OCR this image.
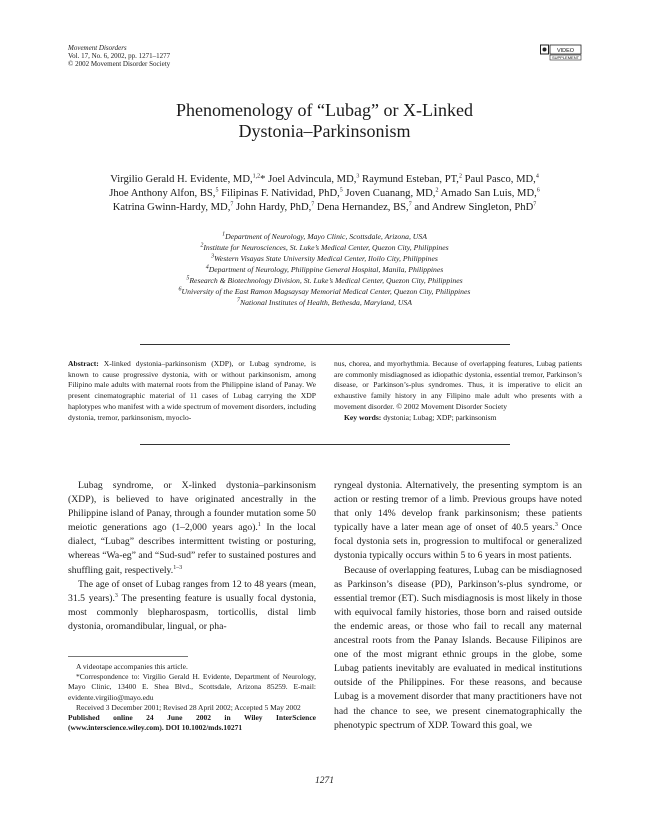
Movement Disorders
Vol. 17, No. 6, 2002, pp. 1271–1277
© 2002 Movement Disorder Society
VIDEO
SUPPLEMENT
Phenomenology of “Lubag” or X-Linked
Dystonia–Parkinsonism
Virgilio Gerald H. Evidente, MD,$^{1,2}$* Joel Advincula, MD,$^3$ Raymund Esteban, PT,$^2$ Paul Pasco, MD,$^4$
Jhoe Anthony Alfon, BS,$^5$ Filipinas F. Natividad, PhD,$^5$ Joven Cuanang, MD,$^2$ Amado San Luis, MD,$^6$
Katrina Gwinn-Hardy, MD,$^7$ John Hardy, PhD,$^7$ Dena Hernandez, BS,$^7$ and Andrew Singleton, PhD$^7$
$^1$Department of Neurology, Mayo Clinic, Scottsdale, Arizona, USA
$^2$Institute for Neurosciences, St. Luke’s Medical Center, Quezon City, Philippines
$^3$Western Visayas State University Medical Center, Iloilo City, Philippines
$^4$Department of Neurology, Philippine General Hospital, Manila, Philippines
$^5$Research & Biotechnology Division, St. Luke’s Medical Center, Quezon City, Philippines
$^6$University of the East Ramon Magsaysay Memorial Medical Center, Quezon City, Philippines
$^7$National Institutes of Health, Bethesda, Maryland, USA
Abstract: X-linked dystonia–parkinsonism (XDP), or Lubag syndrome, is known to cause progressive dystonia, with or without parkinsonism, among Filipino male adults with maternal roots from the Philippine island of Panay. We present cinematographic material of 11 cases of Lubag carrying the XDP haplotypes who manifest with a wide spectrum of movement disorders, including dystonia, tremor, parkinsonism, myoclo-
nus, chorea, and myorhythmia. Because of overlapping features, Lubag patients are commonly misdiagnosed as idiopathic dystonia, essential tremor, Parkinson’s disease, or Parkinson’s-plus syndromes. Thus, it is imperative to elicit an exhaustive family history in any Filipino male adult who presents with a movement disorder. © 2002 Movement Disorder Society
Key words: dystonia; Lubag; XDP; parkinsonism

Lubag syndrome, or X-linked dystonia–parkinsonism (XDP), is believed to have originated ancestrally in the Philippine island of Panay, through a founder mutation some 50 meiotic generations ago (1–2,000 years ago).$^1$ In the local dialect, “Lubag” describes intermittent twisting or posturing, whereas “Wa-eg” and “Sud-sud” refer to sustained postures and shuffling gait, respectively.$^{1-3}$

The age of onset of Lubag ranges from 12 to 48 years (mean, 31.5 years).$^3$ The presenting feature is usually focal dystonia, most commonly blepharospasm, torticollis, distal limb dystonia, oromandibular, lingual, or pha-

ryngeal dystonia. Alternatively, the presenting symptom is an action or resting tremor of a limb. Previous groups have noted that only 14% develop frank parkinsonism; these patients typically have a later mean age of onset of 40.5 years.$^3$ Once focal dystonia sets in, progression to multifocal or generalized dystonia typically occurs within 5 to 6 years in most patients.

Because of overlapping features, Lubag can be misdiagnosed as Parkinson’s disease (PD), Parkinson’s-plus syndrome, or essential tremor (ET). Such misdiagnosis is most likely in those with equivocal family histories, those born and raised outside the endemic areas, or those who fail to recall any maternal ancestral roots from the Panay Islands. Because Filipinos are one of the most migrant ethnic groups in the globe, some Lubag patients inevitably are evaluated in medical institutions outside of the Philippines. For these reasons, and because Lubag is a movement disorder that many practitioners have not had the chance to see, we present cinematographically the phenotypic spectrum of XDP. Toward this goal, we

A videotape accompanies this article.

*Correspondence to: Virgilio Gerald H. Evidente, Department of Neurology, Mayo Clinic, 13400 E. Shea Blvd., Scottsdale, Arizona 85259. E-mail: evidente.virgilio@mayo.edu

Received 3 December 2001; Revised 28 April 2002; Accepted 5 May 2002

Published online 24 June 2002 in Wiley InterScience (www.interscience.wiley.com). DOI 10.1002/mds.10271

1271
